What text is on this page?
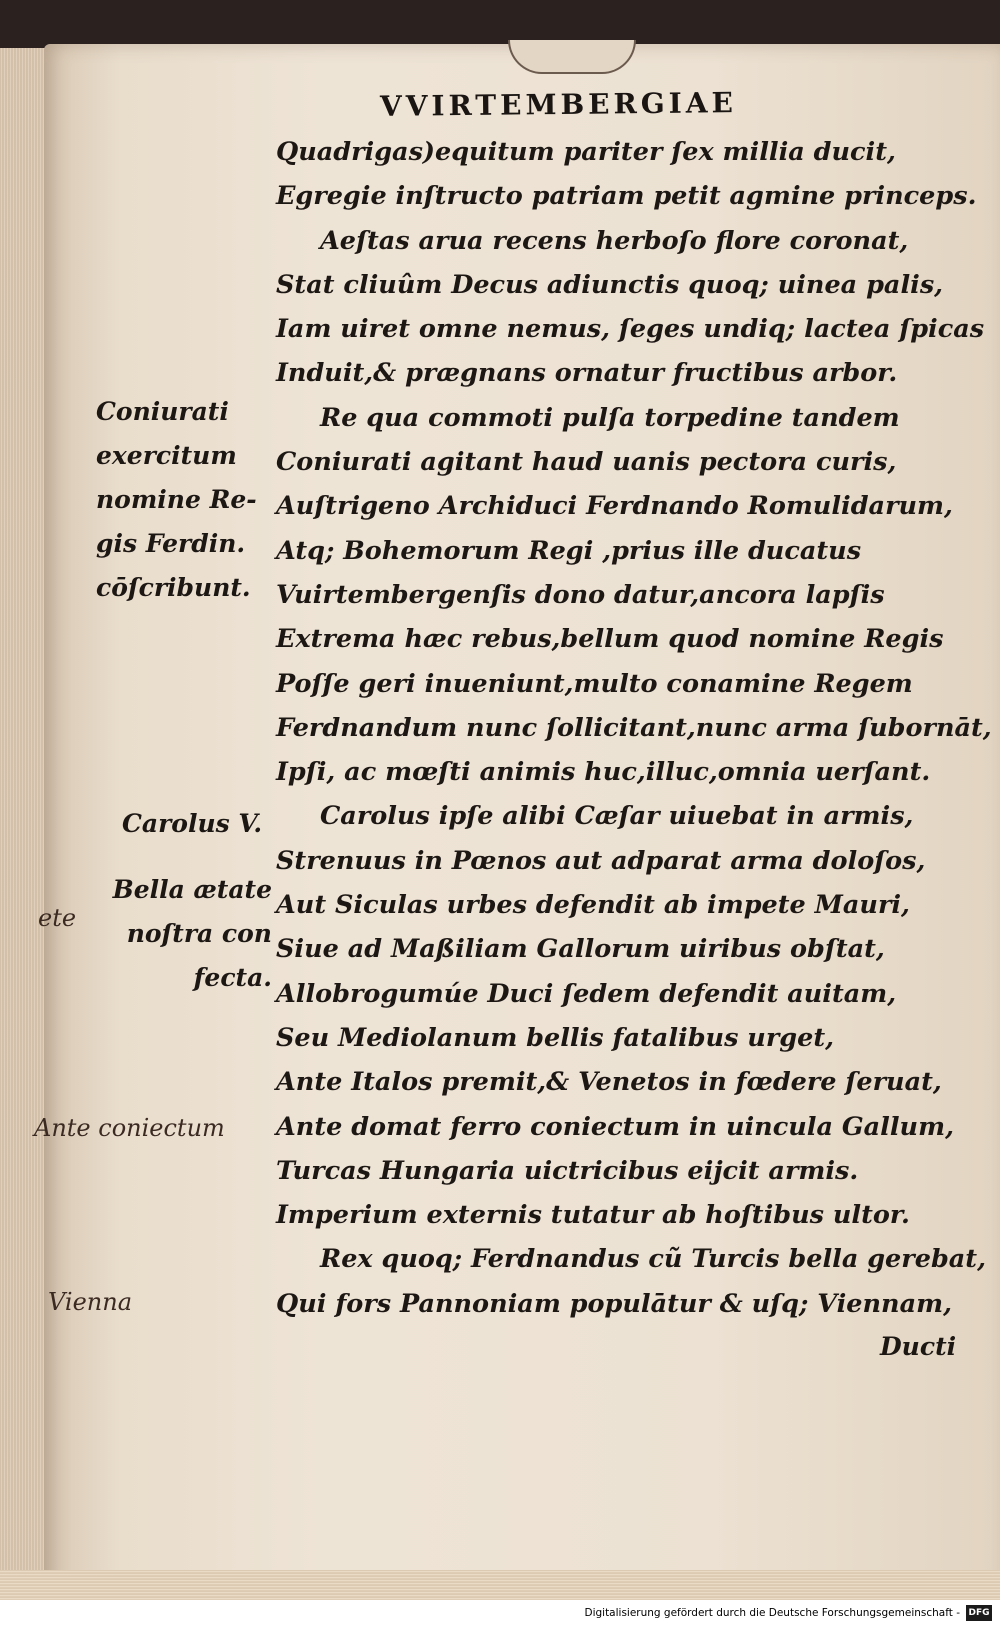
VVIRTEMBERGIAE
Quadrigas)equitum pariter ſex millia ducit,
Egregie inſtructo patriam petit agmine princeps.
Aeſtas arua recens herboſo flore coronat,
Stat cliuûm Decus adiunctis quoq; uinea palis,
Iam uiret omne nemus, ſeges undiq; lactea ſpicas
Induit,& prægnans ornatur fructibus arbor.
Re qua commoti pulſa torpedine tandem
Coniurati agitant haud uanis pectora curis,
Auſtrigeno Archiduci Ferdnando Romulidarum,
Atq; Bohemorum Regi ,prius ille ducatus
Vuirtembergenſis dono datur,ancora lapſis
Extrema hæc rebus,bellum quod nomine Regis
Poſſe geri inueniunt,multo conamine Regem
Ferdnandum nunc ſollicitant,nunc arma ſubornāt,
Ipſi, ac mœſti animis huc,illuc,omnia uerſant.
Carolus ipſe alibi Cæſar uiuebat in armis,
Strenuus in Pœnos aut adparat arma doloſos,
Aut Siculas urbes defendit ab impete Mauri,
Siue ad Maßiliam Gallorum uiribus obſtat,
Allobrogumúe Duci ſedem defendit auitam,
Seu Mediolanum bellis fatalibus urget,
Ante Italos premit,& Venetos in fœdere ſeruat,
Ante domat ferro coniectum in uincula Gallum,
Turcas Hungaria uictricibus eijcit armis.
Imperium externis tutatur ab hoſtibus ultor.
Rex quoq; Ferdnandus cũ Turcis bella gerebat,
Qui fors Pannoniam populātur & uſq; Viennam,
Coniurati
exercitum
nomine Re-
gis Ferdin.
cōſcribunt.
Carolus V.
Bella ætate
noſtra con
fecta.
ete
Ante coniectum
Vienna
Ducti
Digitalisierung gefördert durch die Deutsche Forschungsgemeinschaft - DFG
